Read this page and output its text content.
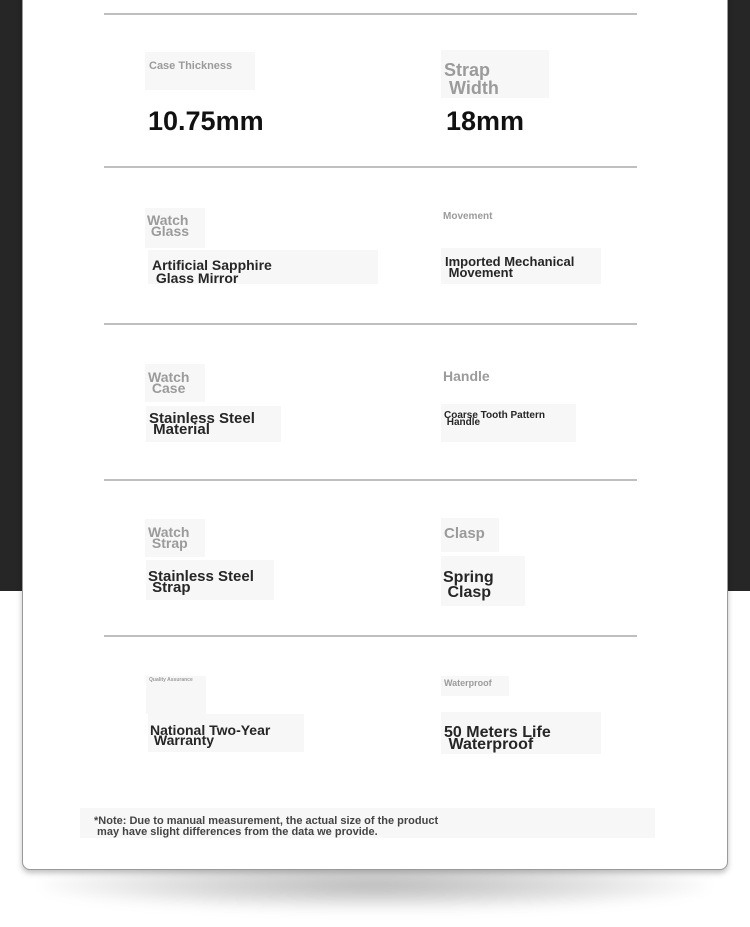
Case Thickness
10.75mm
Strap
Width
18mm
Watch
Glass
Artificial Sapphire
Glass Mirror
Movement
Imported Mechanical
Movement
Watch
Case
Stainless Steel
Material
Handle
Coarse Tooth Pattern
Handle
Watch
Strap
Stainless Steel
Strap
Clasp
Spring
Clasp
Quality Assurance
National Two-Year
Warranty
Waterproof
50 Meters Life
Waterproof
*Note: Due to manual measurement, the actual size of the product
may have slight differences from the data we provide.
